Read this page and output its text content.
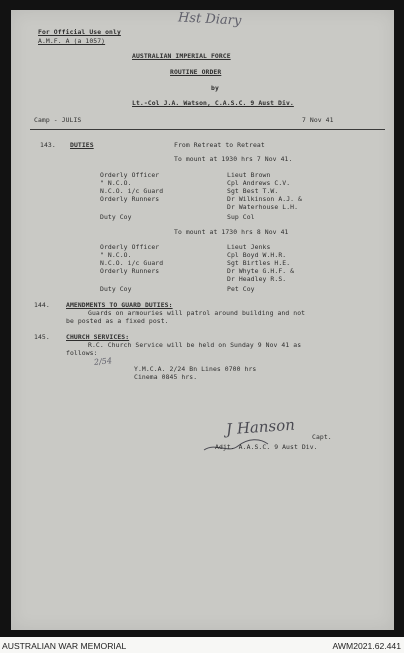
Hst Diary
For Official Use only
A.M.F. A (a 1057)
AUSTRALIAN IMPERIAL FORCE
ROUTINE ORDER
by
Lt.-Col J.A. Watson, C.A.S.C. 9 Aust Div.
Camp - JULIS	7 Nov 41
143. DUTIES	From Retreat to Retreat
To mount at 1930 hrs 7 Nov 41.
Orderly Officer	Lieut Brown
" N.C.O.	Cpl Andrews C.V.
N.C.O. i/c Guard	Sgt Best T.W.
Orderly Runners	Dr Wilkinson A.J. &
Dr Waterhouse L.H.
Duty Coy	Sup Col
To mount at 1730 hrs 8 Nov 41
Orderly Officer	Lieut Jenks
" N.C.O.	Cpl Boyd W.H.R.
N.C.O. i/c Guard	Sgt Birtles H.E.
Orderly Runners	Dr Whyte G.H.F. &
Dr Headley R.S.
Duty Coy	Pet Coy
144.	AMENDMENTS TO GUARD DUTIES:
Guards on armouries will patrol around building and not
be posted as a fixed post.
145.	CHURCH SERVICES:
R.C. Church Service will be held on Sunday 9 Nov 41 as
follows:
2/54
Y.M.C.A. 2/24 Bn Lines 0700 hrs
Cinema 0845 hrs.
J Hanson	Capt.
Adjt. A.A.S.C. 9 Aust Div.
AUSTRALIAN WAR MEMORIAL	AWM2021.62.441
